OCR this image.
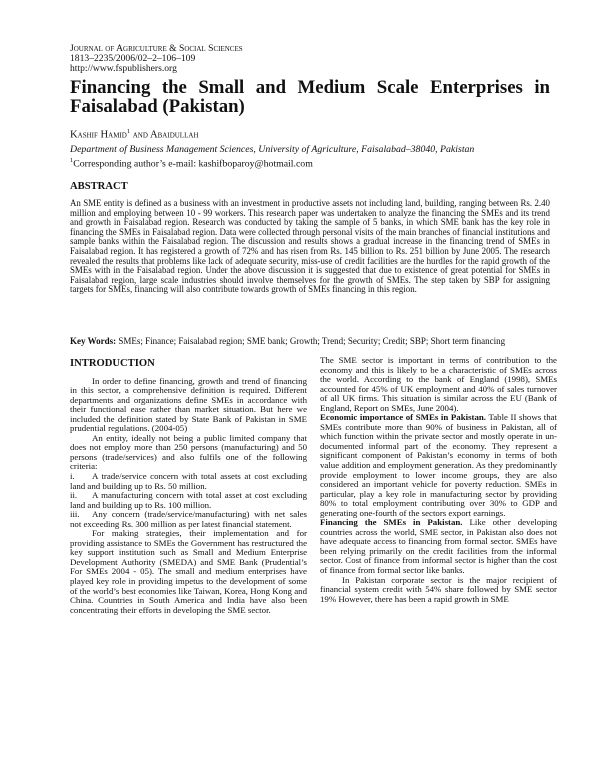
Journal of Agriculture & Social Sciences
1813–2235/2006/02–2–106–109
http://www.fspublishers.org
Financing the Small and Medium Scale Enterprises in Faisalabad (Pakistan)
Kashif Hamid$^1$ and Abaidullah
Department of Business Management Sciences, University of Agriculture, Faisalabad–38040, Pakistan
$^1$Corresponding author’s e-mail: kashifboparoy@hotmail.com
ABSTRACT
An SME entity is defined as a business with an investment in productive assets not including land, building, ranging between Rs. 2.40 million and employing between 10 - 99 workers. This research paper was undertaken to analyze the financing the SMEs and its trend and growth in Faisalabad region. Research was conducted by taking the sample of 5 banks, in which SME bank has the key role in financing the SMEs in Faisalabad region. Data were collected through personal visits of the main branches of financial institutions and sample banks within the Faisalabad region. The discussion and results shows a gradual increase in the financing trend of SMEs in Faisalabad region. It has registered a growth of 72% and has risen from Rs. 145 billion to Rs. 251 billion by June 2005. The research revealed the results that problems like lack of adequate security, miss-use of credit facilities are the hurdles for the rapid growth of the SMEs with in the Faisalabad region. Under the above discussion it is suggested that due to existence of great potential for SMEs in Faisalabad region, large scale industries should involve themselves for the growth of SMEs. The step taken by SBP for assigning targets for SMEs, financing will also contribute towards growth of SMEs financing in this region.
Key Words: SMEs; Finance; Faisalabad region; SME bank; Growth; Trend; Security; Credit; SBP; Short term financing
INTRODUCTION

In order to define financing, growth and trend of financing in this sector, a comprehensive definition is required. Different departments and organizations define SMEs in accordance with their functional ease rather than market situation. But here we included the definition stated by State Bank of Pakistan in SME prudential regulations. (2004-05)

An entity, ideally not being a public limited company that does not employ more than 250 persons (manufacturing) and 50 persons (trade/services) and also fulfils one of the following criteria:

i. A trade/service concern with total assets at cost excluding land and building up to Rs. 50 million.

ii. A manufacturing concern with total asset at cost excluding land and building up to Rs. 100 million.

iii. Any concern (trade/service/manufacturing) with net sales not exceeding Rs. 300 million as per latest financial statement.

For making strategies, their implementation and for providing assistance to SMEs the Government has restructured the key support institution such as Small and Medium Enterprise Development Authority (SMEDA) and SME Bank (Prudential’s For SMEs 2004 - 05). The small and medium enterprises have played key role in providing impetus to the development of some of the world’s best economies like Taiwan, Korea, Hong Kong and China. Countries in South America and India have also been concentrating their efforts in developing the SME sector.

The SME sector is important in terms of contribution to the economy and this is likely to be a characteristic of SMEs across the world. According to the bank of England (1998), SMEs accounted for 45% of UK employment and 40% of sales turnover of all UK firms. This situation is similar across the EU (Bank of England, Report on SMEs, June 2004).

Economic importance of SMEs in Pakistan. Table II shows that SMEs contribute more than 90% of business in Pakistan, all of which function within the private sector and mostly operate in un-documented informal part of the economy. They represent a significant component of Pakistan’s economy in terms of both value addition and employment generation. As they predominantly provide employment to lower income groups, they are also considered an important vehicle for poverty reduction. SMEs in particular, play a key role in manufacturing sector by providing 80% to total employment contributing over 30% to GDP and generating one-fourth of the sectors export earnings.

Financing the SMEs in Pakistan. Like other developing countries across the world, SME sector, in Pakistan also does not have adequate access to financing from formal sector. SMEs have been relying primarily on the credit facilities from the informal sector. Cost of finance from informal sector is higher than the cost of finance from formal sector like banks.

In Pakistan corporate sector is the major recipient of financial system credit with 54% share followed by SME sector 19% However, there has been a rapid growth in SME
